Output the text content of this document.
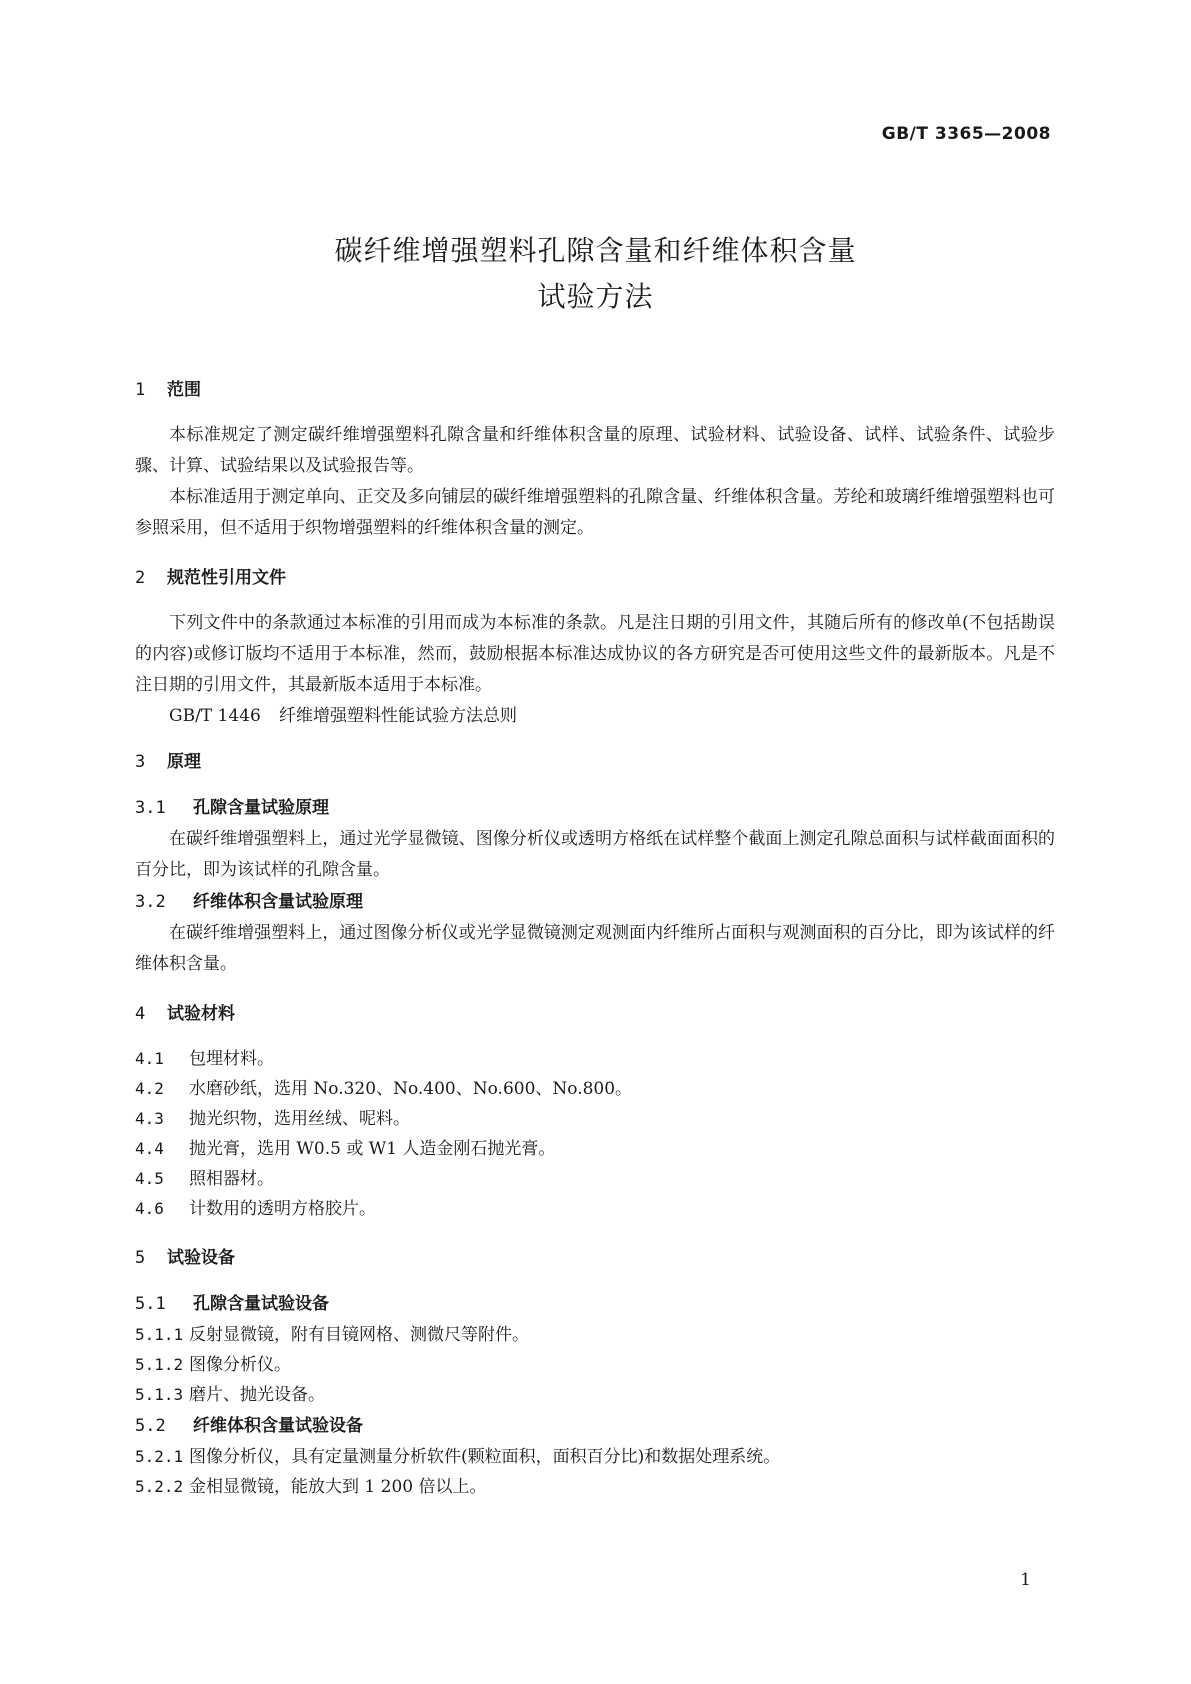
GB/T 3365—2008
碳纤维增强塑料孔隙含量和纤维体积含量
试验方法
1 范围

本标准规定了测定碳纤维增强塑料孔隙含量和纤维体积含量的原理、试验材料、试验设备、试样、试验条件、试验步骤、计算、试验结果以及试验报告等。

本标准适用于测定单向、正交及多向铺层的碳纤维增强塑料的孔隙含量、纤维体积含量。芳纶和玻璃纤维增强塑料也可参照采用，但不适用于织物增强塑料的纤维体积含量的测定。

2 规范性引用文件

下列文件中的条款通过本标准的引用而成为本标准的条款。凡是注日期的引用文件，其随后所有的修改单(不包括勘误的内容)或修订版均不适用于本标准，然而，鼓励根据本标准达成协议的各方研究是否可使用这些文件的最新版本。凡是不注日期的引用文件，其最新版本适用于本标准。

GB/T 1446 纤维增强塑料性能试验方法总则
3 原理
3.1 孔隙含量试验原理

在碳纤维增强塑料上，通过光学显微镜、图像分析仪或透明方格纸在试样整个截面上测定孔隙总面积与试样截面面积的百分比，即为该试样的孔隙含量。

3.2 纤维体积含量试验原理

在碳纤维增强塑料上，通过图像分析仪或光学显微镜测定观测面内纤维所占面积与观测面积的百分比，即为该试样的纤维体积含量。

4 试验材料
4.1 包埋材料。
4.2 水磨砂纸，选用 No.320、No.400、No.600、No.800。
4.3 抛光织物，选用丝绒、呢料。
4.4 抛光膏，选用 W0.5 或 W1 人造金刚石抛光膏。
4.5 照相器材。
4.6 计数用的透明方格胶片。
5 试验设备
5.1 孔隙含量试验设备
5.1.1 反射显微镜，附有目镜网格、测微尺等附件。
5.1.2 图像分析仪。
5.1.3 磨片、抛光设备。
5.2 纤维体积含量试验设备
5.2.1 图像分析仪，具有定量测量分析软件(颗粒面积，面积百分比)和数据处理系统。
5.2.2 金相显微镜，能放大到 1 200 倍以上。
1
